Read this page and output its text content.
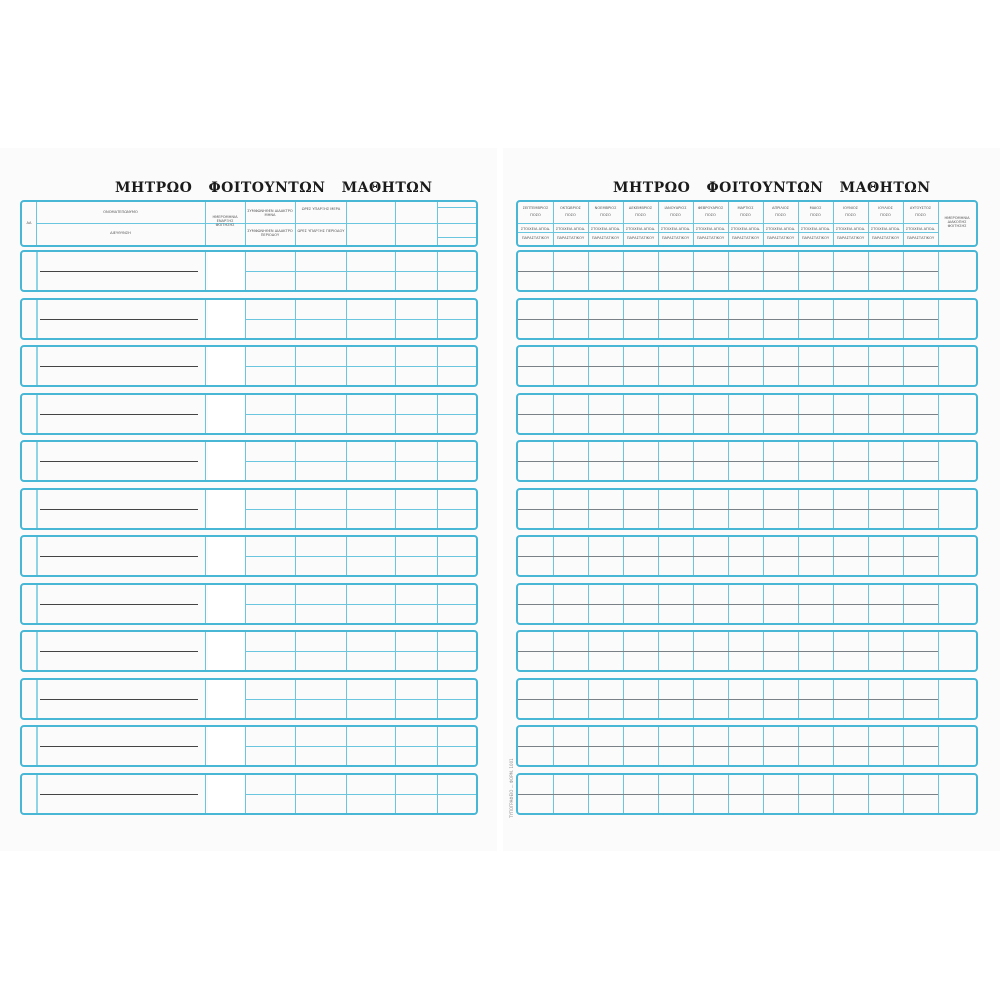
ΜΗΤΡΩΟ   ΦΟΙΤΟΥΝΤΩΝ   ΜΑΘΗΤΩΝ	ΜΗΤΡΩΟ   ΦΟΙΤΟΥΝΤΩΝ   ΜΑΘΗΤΩΝ
ΑΑ
ΟΝΟΜΑΤΕΠΩΝΥΜΟ
ΔΙΕΥΘΥΝΣΗ
ΗΜΕΡΟΜΗΝΙΑ ΕΝΑΡΞΗΣ ΦΟΙΤΗΣΗΣ
ΣΥΜΦΩΝΗΘΕΝ ΔΙΔΑΚΤΡΟ ΜΗΝΑ
ΣΥΜΦΩΝΗΘΕΝ ΔΙΔΑΚΤΡΟ ΠΕΡΙΟΔΟΥ
ΩΡΕΣ ΥΠΑΡΞΗΣ ΜΕΡΑ
ΩΡΕΣ ΥΠΑΡΞΗΣ ΠΕΡΙΟΔΟΥ
ΣΕΠΤΕΜΒΡΙΟΣ
ΠΟΣΟ
ΣΤΟΙΧΕΙΑ ΑΠΟΔ.
ΠΑΡΑΣΤΑΤΙΚΟΥ
ΟΚΤΩΒΡΙΟΣ
ΠΟΣΟ
ΣΤΟΙΧΕΙΑ ΑΠΟΔ.
ΠΑΡΑΣΤΑΤΙΚΟΥ
ΝΟΕΜΒΡΙΟΣ
ΠΟΣΟ
ΣΤΟΙΧΕΙΑ ΑΠΟΔ.
ΠΑΡΑΣΤΑΤΙΚΟΥ
ΔΕΚΕΜΒΡΙΟΣ
ΠΟΣΟ
ΣΤΟΙΧΕΙΑ ΑΠΟΔ.
ΠΑΡΑΣΤΑΤΙΚΟΥ
ΙΑΝΟΥΑΡΙΟΣ
ΠΟΣΟ
ΣΤΟΙΧΕΙΑ ΑΠΟΔ.
ΠΑΡΑΣΤΑΤΙΚΟΥ
ΦΕΒΡΟΥΑΡΙΟΣ
ΠΟΣΟ
ΣΤΟΙΧΕΙΑ ΑΠΟΔ.
ΠΑΡΑΣΤΑΤΙΚΟΥ
ΜΑΡΤΙΟΣ
ΠΟΣΟ
ΣΤΟΙΧΕΙΑ ΑΠΟΔ.
ΠΑΡΑΣΤΑΤΙΚΟΥ
ΑΠΡΙΛΙΟΣ
ΠΟΣΟ
ΣΤΟΙΧΕΙΑ ΑΠΟΔ.
ΠΑΡΑΣΤΑΤΙΚΟΥ
ΜΑΙΟΣ
ΠΟΣΟ
ΣΤΟΙΧΕΙΑ ΑΠΟΔ.
ΠΑΡΑΣΤΑΤΙΚΟΥ
ΙΟΥΝΙΟΣ
ΠΟΣΟ
ΣΤΟΙΧΕΙΑ ΑΠΟΔ.
ΠΑΡΑΣΤΑΤΙΚΟΥ
ΙΟΥΛΙΟΣ
ΠΟΣΟ
ΣΤΟΙΧΕΙΑ ΑΠΟΔ.
ΠΑΡΑΣΤΑΤΙΚΟΥ
ΑΥΓΟΥΣΤΟΣ
ΠΟΣΟ
ΣΤΟΙΧΕΙΑ ΑΠΟΔ.
ΠΑΡΑΣΤΑΤΙΚΟΥ
ΗΜΕΡΟΜΗΝΙΑ ΔΙΑΚΟΠΗΣ ΦΟΙΤΗΣΗΣ
ΤΥΠΟΓΡΑΦΕΙΟ ... ΦΟΡΜ. 1001
